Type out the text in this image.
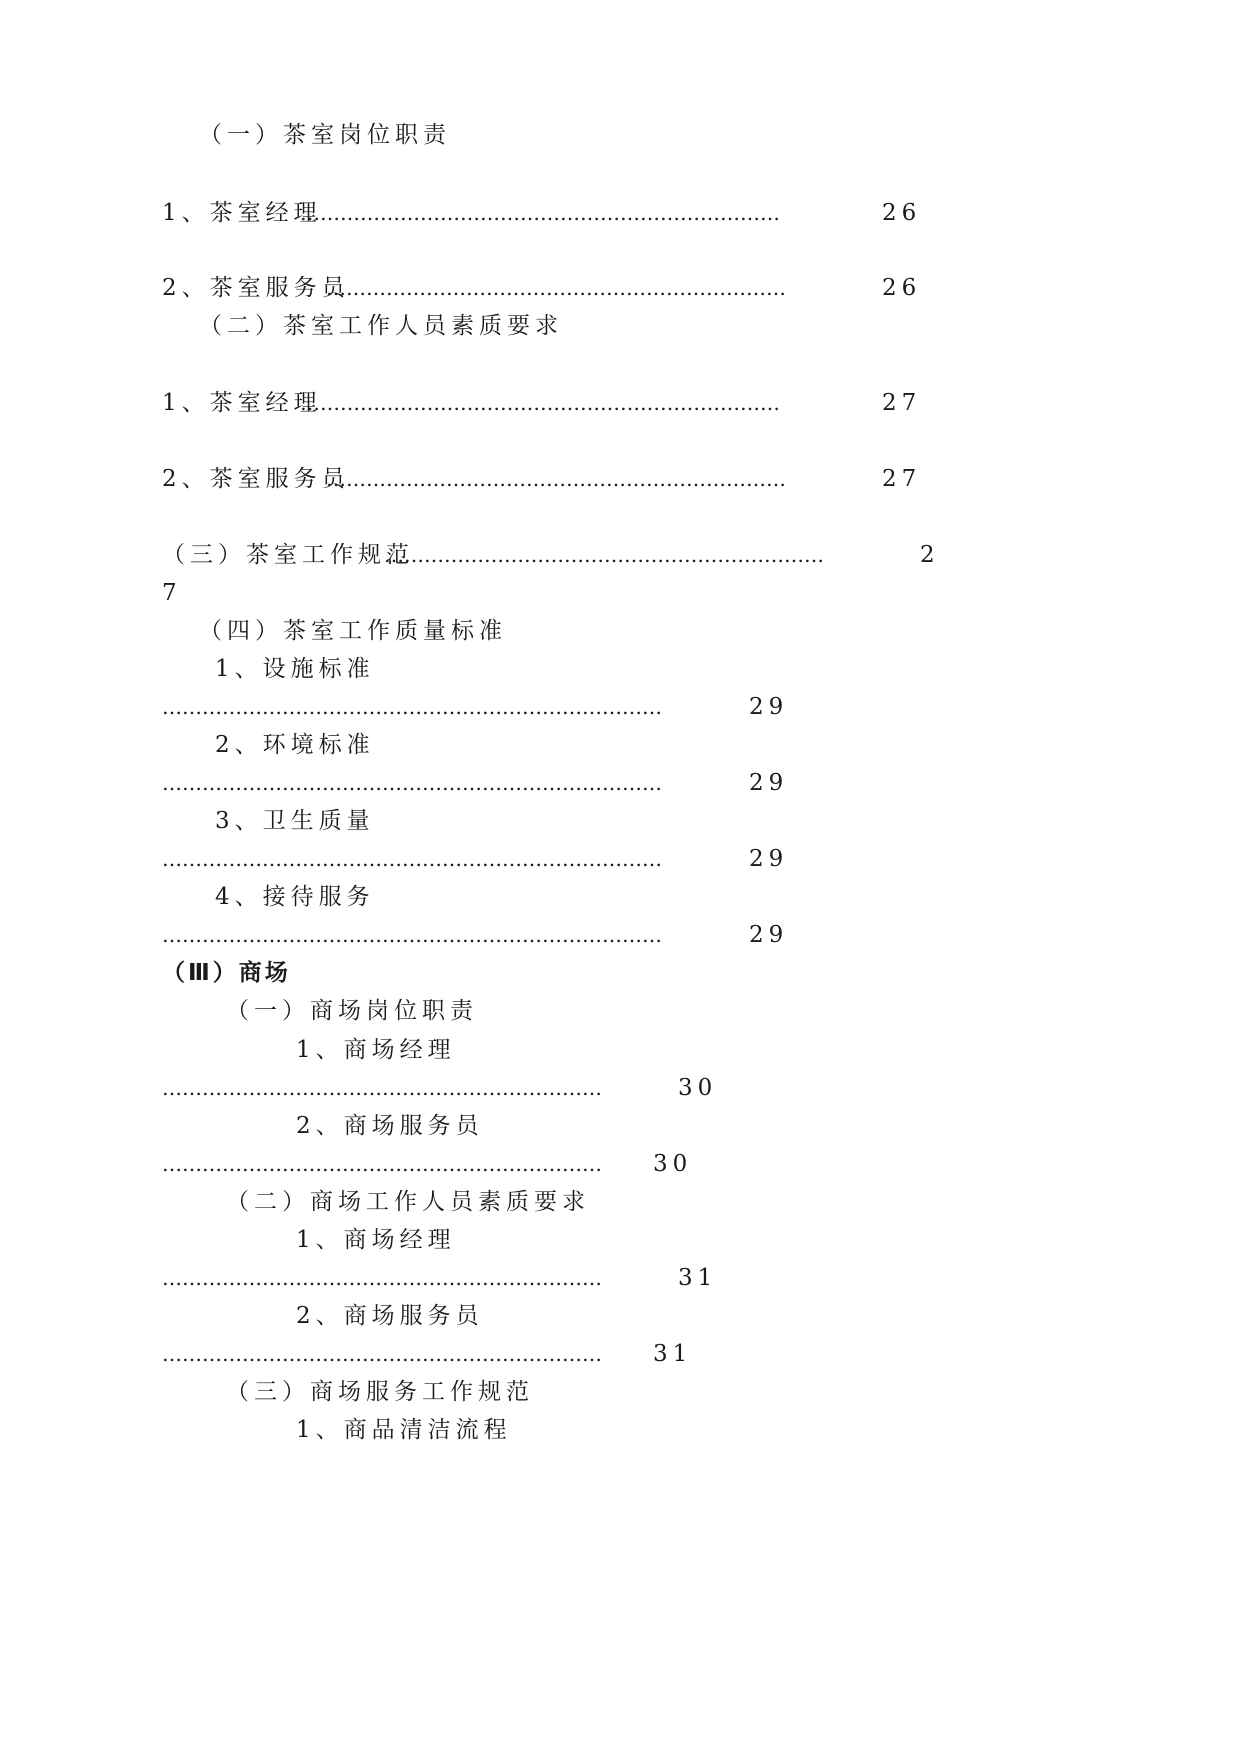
（一）茶室岗位职责
1、茶室经理
………………………………………………………………	26
2、茶室服务员
……………………………………………………………	26
（二）茶室工作人员素质要求
1、茶室经理
………………………………………………………………	27
2、茶室服务员
……………………………………………………………	27
（三）茶室工作规范
…………………………………………………………	2
7
（四）茶室工作质量标准
1、设施标准
…………………………………………………………………	29
2、环境标准
…………………………………………………………………	29
3、卫生质量
…………………………………………………………………	29
4、接待服务
…………………………………………………………………	29
（Ⅲ）商场
（一）商场岗位职责
1、商场经理
…………………………………………………………	30
2、商场服务员
………………………………………………………… 30
（二）商场工作人员素质要求
1、商场经理
…………………………………………………………	31
2、商场服务员
………………………………………………………… 31
（三）商场服务工作规范
1、商品清洁流程
